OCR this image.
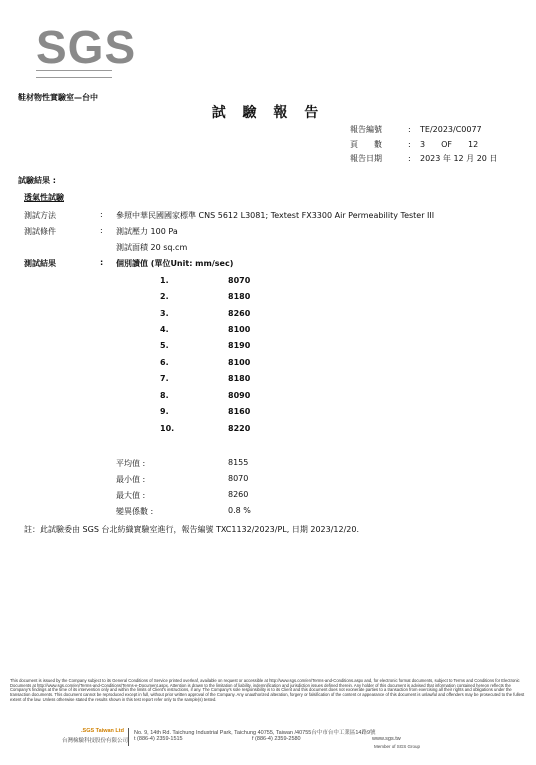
SGS
鞋材物性實驗室—台中
試 驗 報 告
報告編號	: TE/2023/C0077
頁　　數	: 3　　OF　　12
報告日期	: 2023 年 12 月 20 日
試驗結果 :
透氣性試驗
測試方法	: 參照中華民國國家標準 CNS 5612 L3081; Textest FX3300 Air Permeability Tester III
測試條件	: 測試壓力 100 Pa
測試面積 20 sq.cm
測試結果	: 個別讀值 (單位Unit: mm/sec)
1.	8070
2.	8180
3.	8260
4.	8100
5.	8190
6.	8100
7.	8180
8.	8090
9.	8160
10.	8220
平均值 :	8155
最小值 :	8070
最大值 :	8260
變異係數 :	0.8 %
註：此試驗委由 SGS 台北紡織實驗室進行，報告編號 TXC1132/2023/PL, 日期 2023/12/20.
This document is issued by the Company subject to its General Conditions of Service printed overleaf, available on request or accessible at http://www.sgs.com/en/Terms-and-Conditions.aspx and, for electronic format documents, subject to Terms and Conditions for Electronic Documents at http://www.sgs.com/en/Terms-and-Conditions/Terms-e-Document.aspx. Attention is drawn to the limitation of liability, indemnification and jurisdiction issues defined therein. Any holder of this document is advised that information contained hereon reflects the Company's findings at the time of its intervention only and within the limits of Client's instructions, if any. The Company's sole responsibility is to its Client and this document does not exonerate parties to a transaction from exercising all their rights and obligations under the transaction documents. This document cannot be reproduced except in full, without prior written approval of the Company. Any unauthorized alteration, forgery or falsification of the content or appearance of this document is unlawful and offenders may be prosecuted to the fullest extent of the law. Unless otherwise stated the results shown in this test report refer only to the sample(s) tested.
SGS Taiwan Ltd.
台灣檢驗科技股份有限公司
No. 9, 14th Rd. Taichung Industrial Park, Taichung 40755, Taiwan /40755台中市台中工業區14路9號
t (886-4) 2359-1515	f (886-4) 2359-2580	www.sgs.tw
Member of SGS Group
